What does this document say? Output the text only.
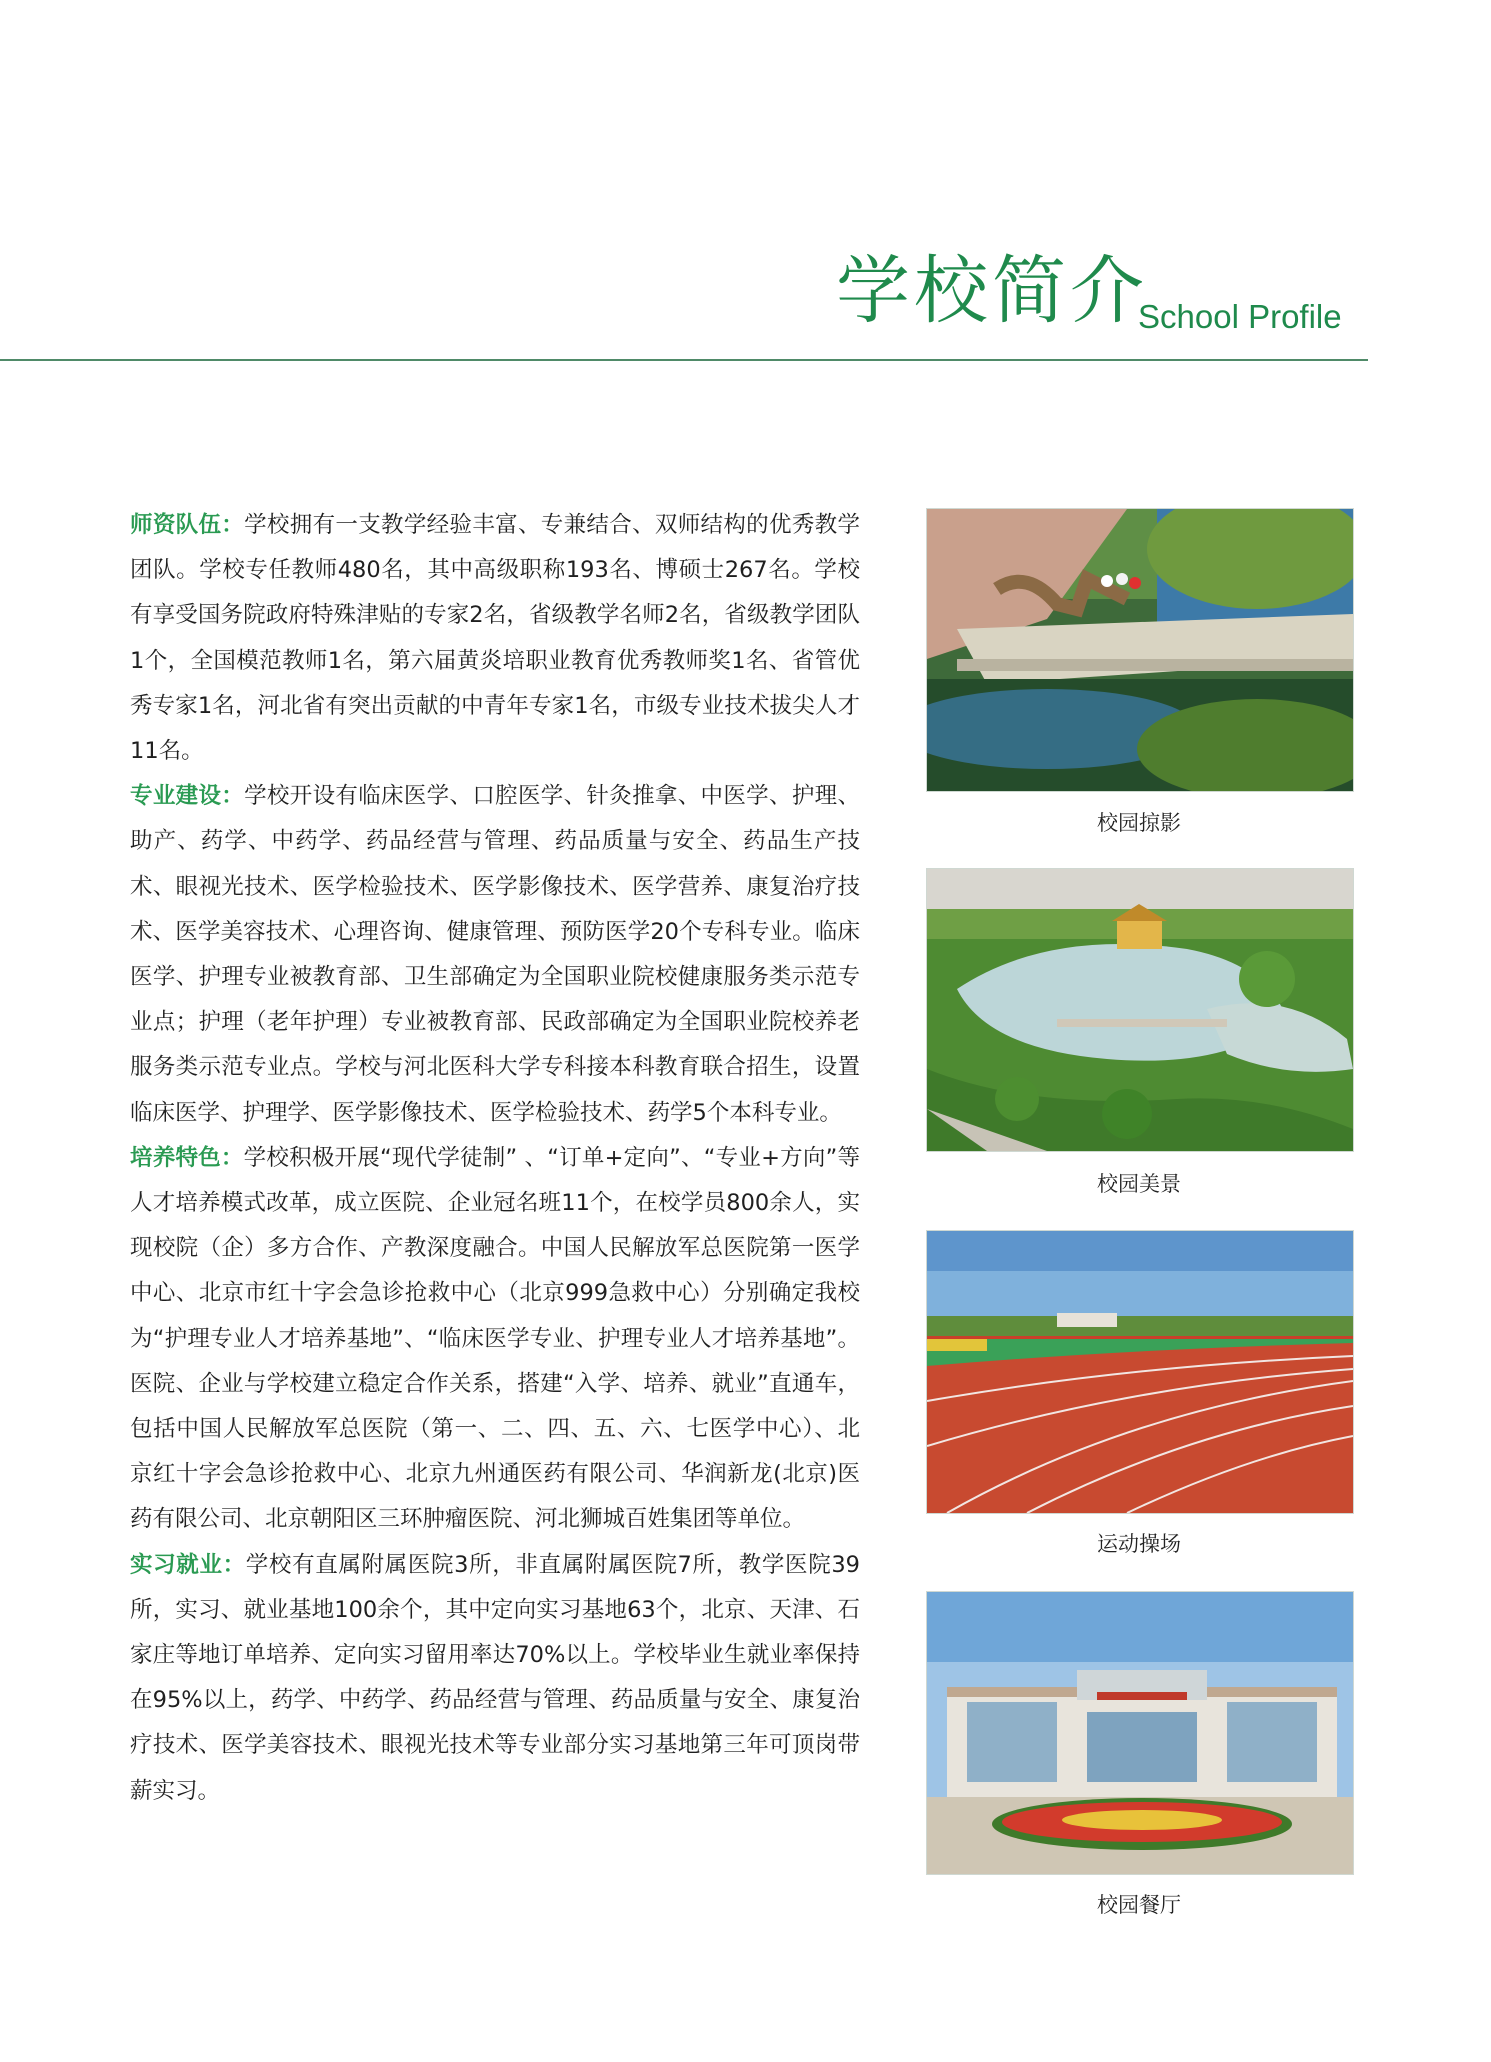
学校简介
School Profile

师资队伍：学校拥有一支教学经验丰富、专兼结合、双师结构的优秀教学团队。学校专任教师480名，其中高级职称193名、博硕士267名。学校有享受国务院政府特殊津贴的专家2名，省级教学名师2名，省级教学团队1个，全国模范教师1名，第六届黄炎培职业教育优秀教师奖1名、省管优秀专家1名，河北省有突出贡献的中青年专家1名，市级专业技术拔尖人才11名。

专业建设：学校开设有临床医学、口腔医学、针灸推拿、中医学、护理、助产、药学、中药学、药品经营与管理、药品质量与安全、药品生产技术、眼视光技术、医学检验技术、医学影像技术、医学营养、康复治疗技术、医学美容技术、心理咨询、健康管理、预防医学20个专科专业。临床医学、护理专业被教育部、卫生部确定为全国职业院校健康服务类示范专业点；护理（老年护理）专业被教育部、民政部确定为全国职业院校养老服务类示范专业点。学校与河北医科大学专科接本科教育联合招生，设置临床医学、护理学、医学影像技术、医学检验技术、药学5个本科专业。

培养特色：学校积极开展“现代学徒制” 、“订单+定向”、“专业+方向”等人才培养模式改革，成立医院、企业冠名班11个，在校学员800余人，实现校院（企）多方合作、产教深度融合。中国人民解放军总医院第一医学中心、北京市红十字会急诊抢救中心（北京999急救中心）分别确定我校为“护理专业人才培养基地”、“临床医学专业、护理专业人才培养基地”。医院、企业与学校建立稳定合作关系，搭建“入学、培养、就业”直通车，包括中国人民解放军总医院（第一、二、四、五、六、七医学中心）、北京红十字会急诊抢救中心、北京九州通医药有限公司、华润新龙(北京)医药有限公司、北京朝阳区三环肿瘤医院、河北狮城百姓集团等单位。

实习就业：学校有直属附属医院3所，非直属附属医院7所，教学医院39所，实习、就业基地100余个，其中定向实习基地63个，北京、天津、石家庄等地订单培养、定向实习留用率达70%以上。学校毕业生就业率保持在95%以上，药学、中药学、药品经营与管理、药品质量与安全、康复治疗技术、医学美容技术、眼视光技术等专业部分实习基地第三年可顶岗带薪实习。

校园掠影
校园美景
运动操场
校园餐厅
